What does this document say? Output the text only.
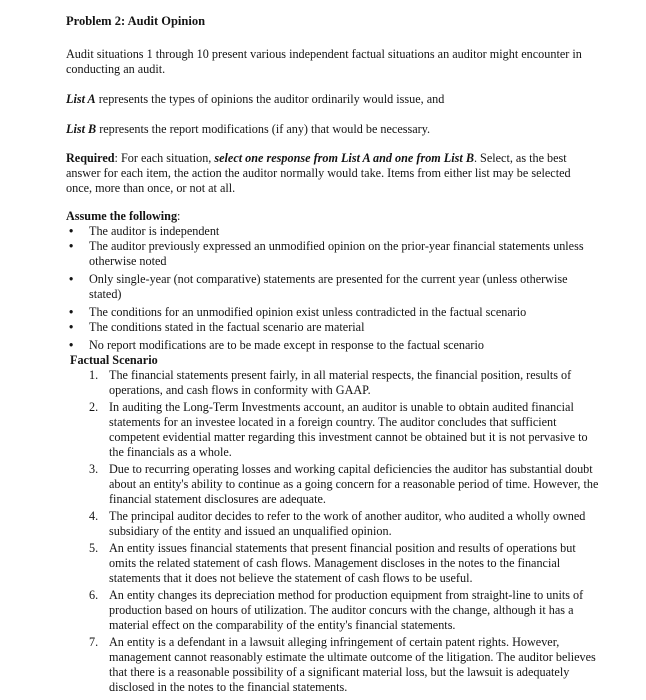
Problem 2: Audit Opinion
Audit situations 1 through 10 present various independent factual situations an auditor might encounter in conducting an audit.
List A represents the types of opinions the auditor ordinarily would issue, and
List B represents the report modifications (if any) that would be necessary.
Required: For each situation, select one response from List A and one from List B. Select, as the best answer for each item, the action the auditor normally would take. Items from either list may be selected once, more than once, or not at all.
Assume the following:
• The auditor is independent
• The auditor previously expressed an unmodified opinion on the prior-year financial statements unless otherwise noted
• Only single-year (not comparative) statements are presented for the current year (unless otherwise stated)
• The conditions for an unmodified opinion exist unless contradicted in the factual scenario
• The conditions stated in the factual scenario are material
• No report modifications are to be made except in response to the factual scenario
Factual Scenario
1. The financial statements present fairly, in all material respects, the financial position, results of operations, and cash flows in conformity with GAAP.
2. In auditing the Long-Term Investments account, an auditor is unable to obtain audited financial statements for an investee located in a foreign country. The auditor concludes that sufficient competent evidential matter regarding this investment cannot be obtained but it is not pervasive to the financials as a whole.
3. Due to recurring operating losses and working capital deficiencies the auditor has substantial doubt about an entity's ability to continue as a going concern for a reasonable period of time. However, the financial statement disclosures are adequate.
4. The principal auditor decides to refer to the work of another auditor, who audited a wholly owned subsidiary of the entity and issued an unqualified opinion.
5. An entity issues financial statements that present financial position and results of operations but omits the related statement of cash flows. Management discloses in the notes to the financial statements that it does not believe the statement of cash flows to be useful.
6. An entity changes its depreciation method for production equipment from straight-line to units of production based on hours of utilization. The auditor concurs with the change, although it has a material effect on the comparability of the entity's financial statements.
7. An entity is a defendant in a lawsuit alleging infringement of certain patent rights. However, management cannot reasonably estimate the ultimate outcome of the litigation. The auditor believes that there is a reasonable possibility of a significant material loss, but the lawsuit is adequately disclosed in the notes to the financial statements.
